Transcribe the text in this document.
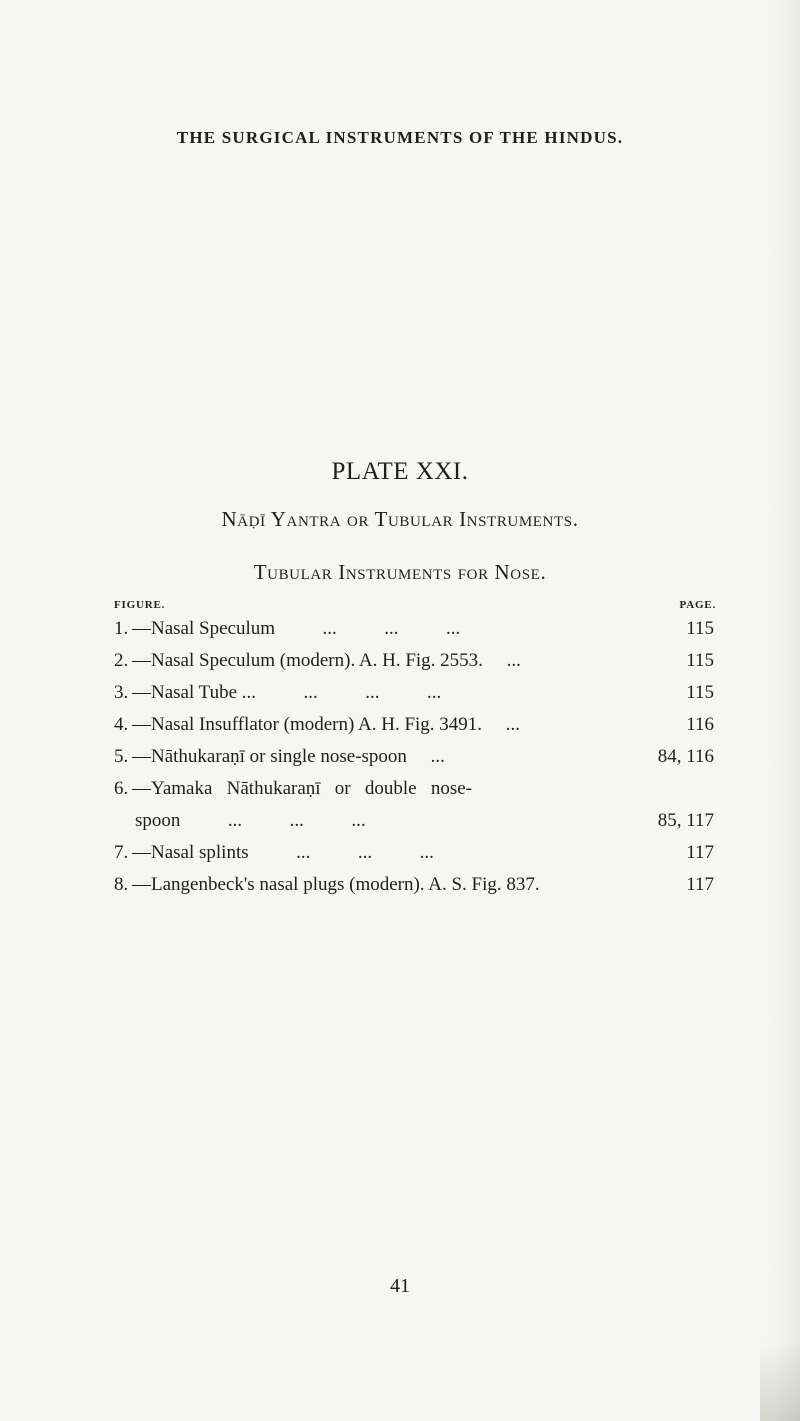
THE SURGICAL INSTRUMENTS OF THE HINDUS.
PLATE XXI.
Nāḍī Yantra or Tubular Instruments.
Tubular Instruments for Nose.
FIGURE.	PAGE.
1. —Nasal Speculum          ...          ...          ...	115
2. —Nasal Speculum (modern). A. H. Fig. 2553.     ...	115
3. —Nasal Tube ...          ...          ...          ...	115
4. —Nasal Insufflator (modern) A. H. Fig. 3491.     ...	116
5. —Nāthukaraṇī or single nose-spoon     ...	84, 116
6. —Yamaka   Nāthukaraṇī   or   double   nose-
spoon          ...          ...          ...	85, 117
7. —Nasal splints          ...          ...          ...	117
8. —Langenbeck's nasal plugs (modern). A. S. Fig. 837.	117
41
